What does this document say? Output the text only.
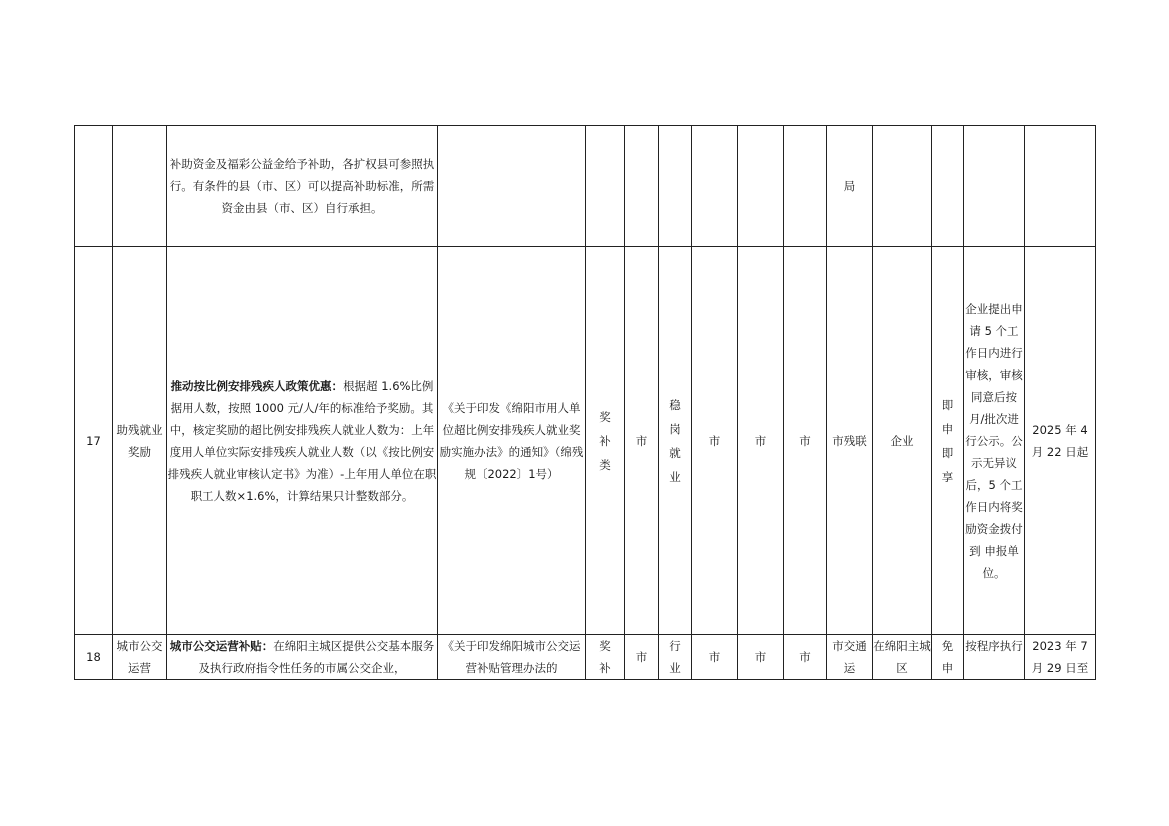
		补助资金及福彩公益金给予补助，各扩权县可参照执行。有条件的县（市、区）可以提高补助标准，所需资金由县（市、区）自行承担。								局				
17	助残就业奖励	推动按比例安排残疾人政策优惠：根据超 1.6%比例据用人数，按照 1000 元/人/年的标准给予奖励。其中，核定奖励的超比例安排残疾人就业人数为：上年度用人单位实际安排残疾人就业人数（以《按比例安排残疾人就业审核认定书》为准）-上年用人单位在职职工人数×1.6%，计算结果只计整数部分。	《关于印发《绵阳市用人单位超比例安排残疾人就业奖励实施办法》的通知》（绵残规〔2022〕1号）	奖补类	市	稳岗就业	市	市	市	市残联	企业	即申即享	企业提出申请 5 个工作日内进行审核，审核同意后按月/批次进行公示。公示无异议后，5 个工作日内将奖励资金拨付到 申报单位。	2025 年 4 月 22 日起
18	城市公交运营	城市公交运营补贴：在绵阳主城区提供公交基本服务及执行政府指令性任务的市属公交企业，	《关于印发绵阳城市公交运营补贴管理办法的	奖补	市	行业	市	市	市	市交通运	在绵阳主城区	免申	按程序执行	2023 年 7 月 29 日至
